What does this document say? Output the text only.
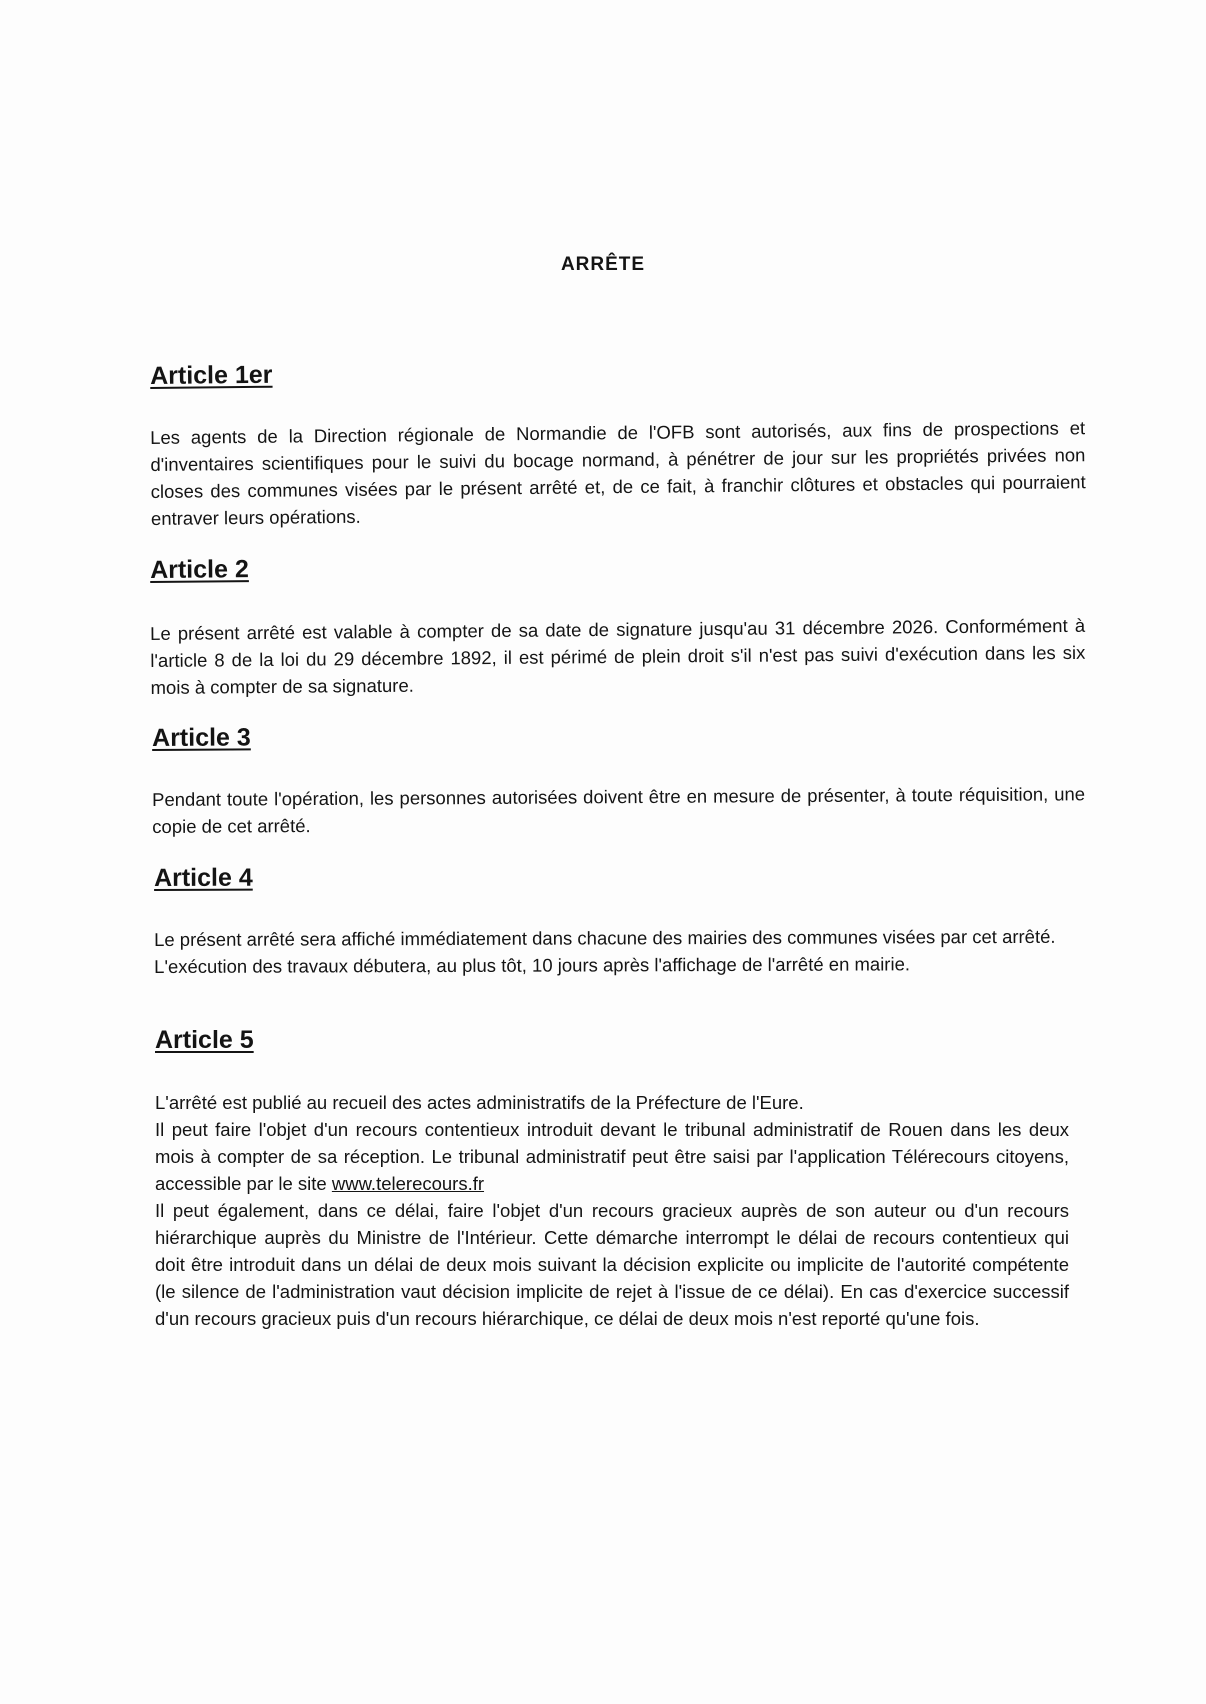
ARRÊTE
Article 1er

Les agents de la Direction régionale de Normandie de l'OFB sont autorisés, aux fins de prospections et d'inventaires scientifiques pour le suivi du bocage normand, à pénétrer de jour sur les propriétés privées non closes des communes visées par le présent arrêté et, de ce fait, à franchir clôtures et obstacles qui pourraient entraver leurs opérations.

Article 2

Le présent arrêté est valable à compter de sa date de signature jusqu'au 31 décembre 2026. Conformément à l'article 8 de la loi du 29 décembre 1892, il est périmé de plein droit s'il n'est pas suivi d'exécution dans les six mois à compter de sa signature.

Article 3

Pendant toute l'opération, les personnes autorisées doivent être en mesure de présenter, à toute réquisition, une copie de cet arrêté.

Article 4

Le présent arrêté sera affiché immédiatement dans chacune des mairies des communes visées par cet arrêté.

L'exécution des travaux débutera, au plus tôt, 10 jours après l'affichage de l'arrêté en mairie.

Article 5

L'arrêté est publié au recueil des actes administratifs de la Préfecture de l'Eure.

Il peut faire l'objet d'un recours contentieux introduit devant le tribunal administratif de Rouen dans les deux mois à compter de sa réception. Le tribunal administratif peut être saisi par l'application Télérecours citoyens, accessible par le site www.telerecours.fr

Il peut également, dans ce délai, faire l'objet d'un recours gracieux auprès de son auteur ou d'un recours hiérarchique auprès du Ministre de l'Intérieur. Cette démarche interrompt le délai de recours contentieux qui doit être introduit dans un délai de deux mois suivant la décision explicite ou implicite de l'autorité compétente (le silence de l'administration vaut décision implicite de rejet à l'issue de ce délai). En cas d'exercice successif d'un recours gracieux puis d'un recours hiérarchique, ce délai de deux mois n'est reporté qu'une fois.
